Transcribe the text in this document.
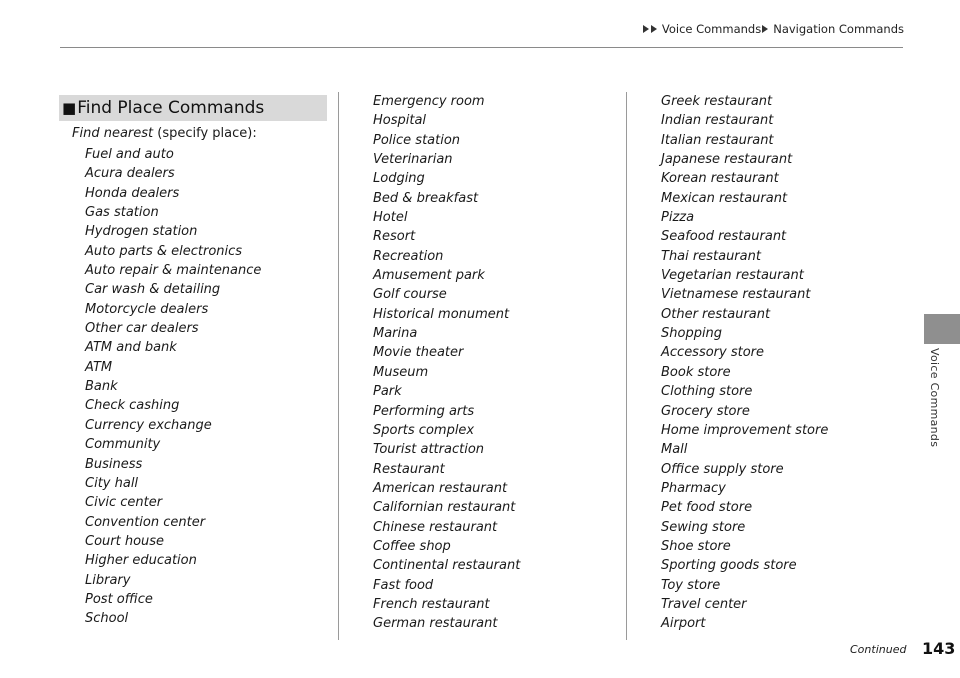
Voice Commands Navigation Commands
Voice Commands
■Find Place Commands
Find nearest (specify place):
Fuel and auto
Acura dealers
Honda dealers
Gas station
Hydrogen station
Auto parts & electronics
Auto repair & maintenance
Car wash & detailing
Motorcycle dealers
Other car dealers
ATM and bank
ATM
Bank
Check cashing
Currency exchange
Community
Business
City hall
Civic center
Convention center
Court house
Higher education
Library
Post office
School
Emergency room
Hospital
Police station
Veterinarian
Lodging
Bed & breakfast
Hotel
Resort
Recreation
Amusement park
Golf course
Historical monument
Marina
Movie theater
Museum
Park
Performing arts
Sports complex
Tourist attraction
Restaurant
American restaurant
Californian restaurant
Chinese restaurant
Coffee shop
Continental restaurant
Fast food
French restaurant
German restaurant
Greek restaurant
Indian restaurant
Italian restaurant
Japanese restaurant
Korean restaurant
Mexican restaurant
Pizza
Seafood restaurant
Thai restaurant
Vegetarian restaurant
Vietnamese restaurant
Other restaurant
Shopping
Accessory store
Book store
Clothing store
Grocery store
Home improvement store
Mall
Office supply store
Pharmacy
Pet food store
Sewing store
Shoe store
Sporting goods store
Toy store
Travel center
Airport
Continued 143
